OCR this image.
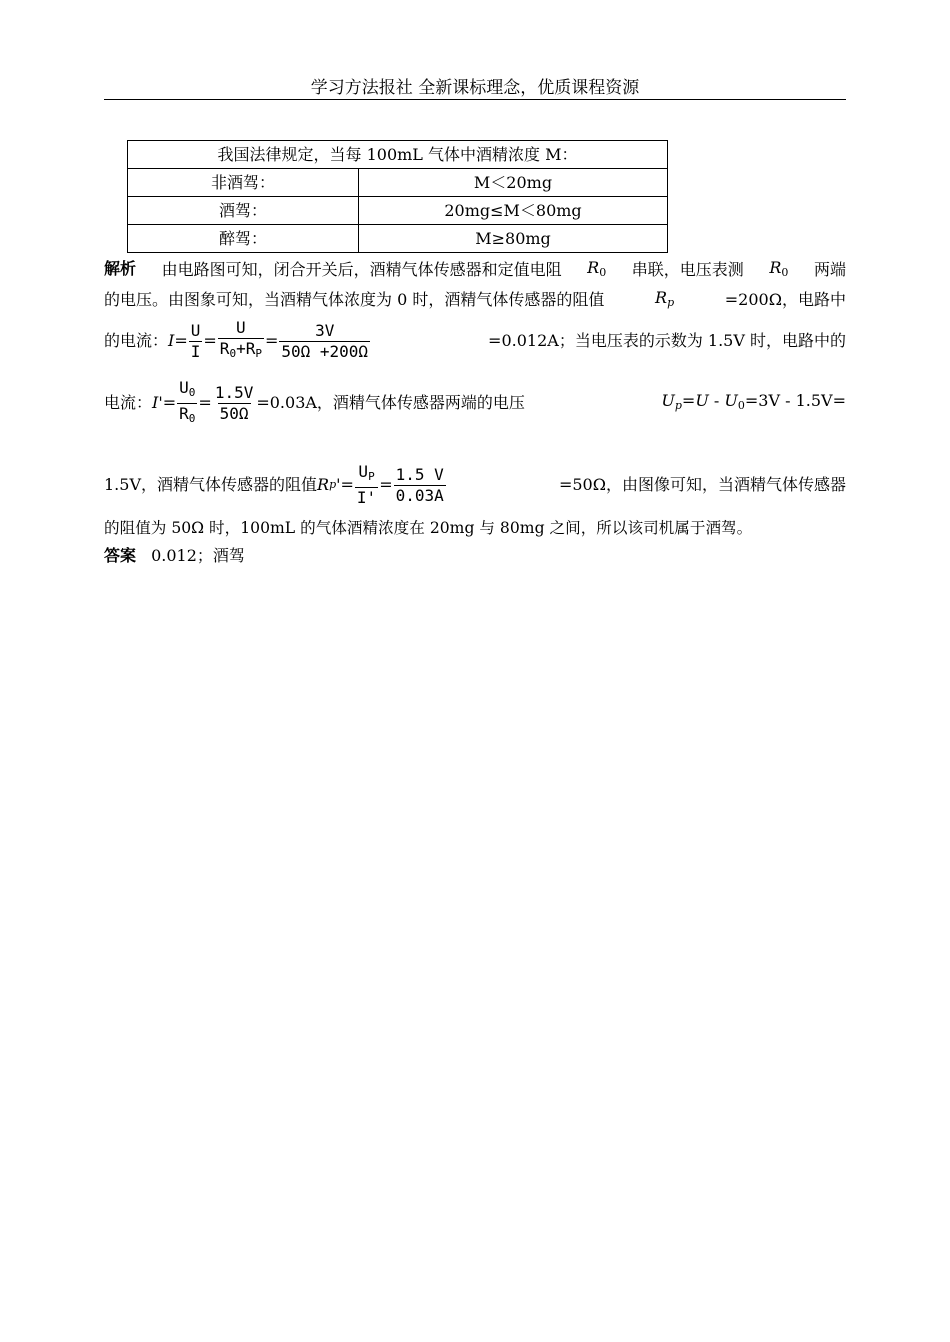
学习方法报社 全新课标理念，优质课程资源
我国法律规定，当每 100mL 气体中酒精浓度 M：	
非酒驾：	M＜20mg
酒驾：	20mg≤M＜80mg
醉驾：	M≥80mg
解析 由电路图可知，闭合开关后，酒精气体传感器和定值电阻 $R_0$ 串联，电压表测 $R_0$ 两端
的电压。由图象可知，当酒精气体浓度为 0 时，酒精气体传感器的阻值	$R_p$	=200Ω，电路中
的电流： $I = \frac{U}{I} = \frac{U}{R_0+R_P} = \frac{3V}{50\Omega +200\Omega}$	=0.012A；当电压表的示数为 1.5V 时，电路中的
电流： $I' = \frac{U_0}{R_0} = \frac{1.5V}{50\Omega} =0.03A$，酒精气体传感器两端的电压	$U_p=U - U_0=3V - 1.5V=$
1.5V，酒精气体传感器的阻值 R p ' = $\frac{U_P}{I'} = \frac{1.5 V}{0.03A}$	=50Ω，由图像可知，当酒精气体传感器
的阻值为 50Ω 时，100mL 的气体酒精浓度在 20mg 与 80mg 之间，所以该司机属于酒驾。
答案 0.012；酒驾
